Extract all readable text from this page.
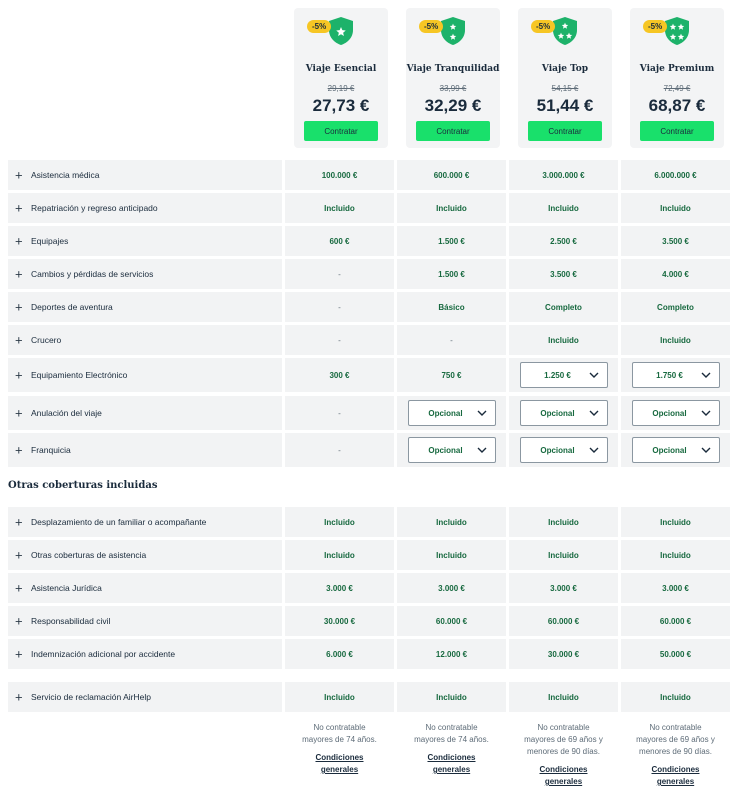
-5%
Viaje Esencial
29,19 €
27,73 €
Contratar
-5%
Viaje Tranquilidad
33,99 €
32,29 €
Contratar
-5%
Viaje Top
54,15 €
51,44 €
Contratar
-5%
Viaje Premium
72,49 €
68,87 €
Contratar
+ Asistencia médica	100.000 €	600.000 €	3.000.000 €	6.000.000 €
+ Repatriación y regreso anticipado	Incluido	Incluido	Incluido	Incluido
+ Equipajes	600 €	1.500 €	2.500 €	3.500 €
+ Cambios y pérdidas de servicios	-	1.500 €	3.500 €	4.000 €
+ Deportes de aventura	-	Básico	Completo	Completo
+ Crucero	-	-	Incluido	Incluido
+ Equipamiento Electrónico	300 €	750 €	1.250 €	1.750 €
+ Anulación del viaje	-	Opcional	Opcional	Opcional
+ Franquicia	-	Opcional	Opcional	Opcional
Otras coberturas incluidas
+ Desplazamiento de un familiar o acompañante	Incluido	Incluido	Incluido	Incluido
+ Otras coberturas de asistencia	Incluido	Incluido	Incluido	Incluido
+ Asistencia Jurídica	3.000 €	3.000 €	3.000 €	3.000 €
+ Responsabilidad civil	30.000 €	60.000 €	60.000 €	60.000 €
+ Indemnización adicional por accidente	6.000 €	12.000 €	30.000 €	50.000 €
+ Servicio de reclamación AirHelp	Incluido	Incluido	Incluido	Incluido
No contratable
mayores de 74 años.
Condiciones
generales
No contratable
mayores de 74 años.
Condiciones
generales
No contratable
mayores de 69 años y
menores de 90 días.
Condiciones
generales
No contratable
mayores de 69 años y
menores de 90 días.
Condiciones
generales
